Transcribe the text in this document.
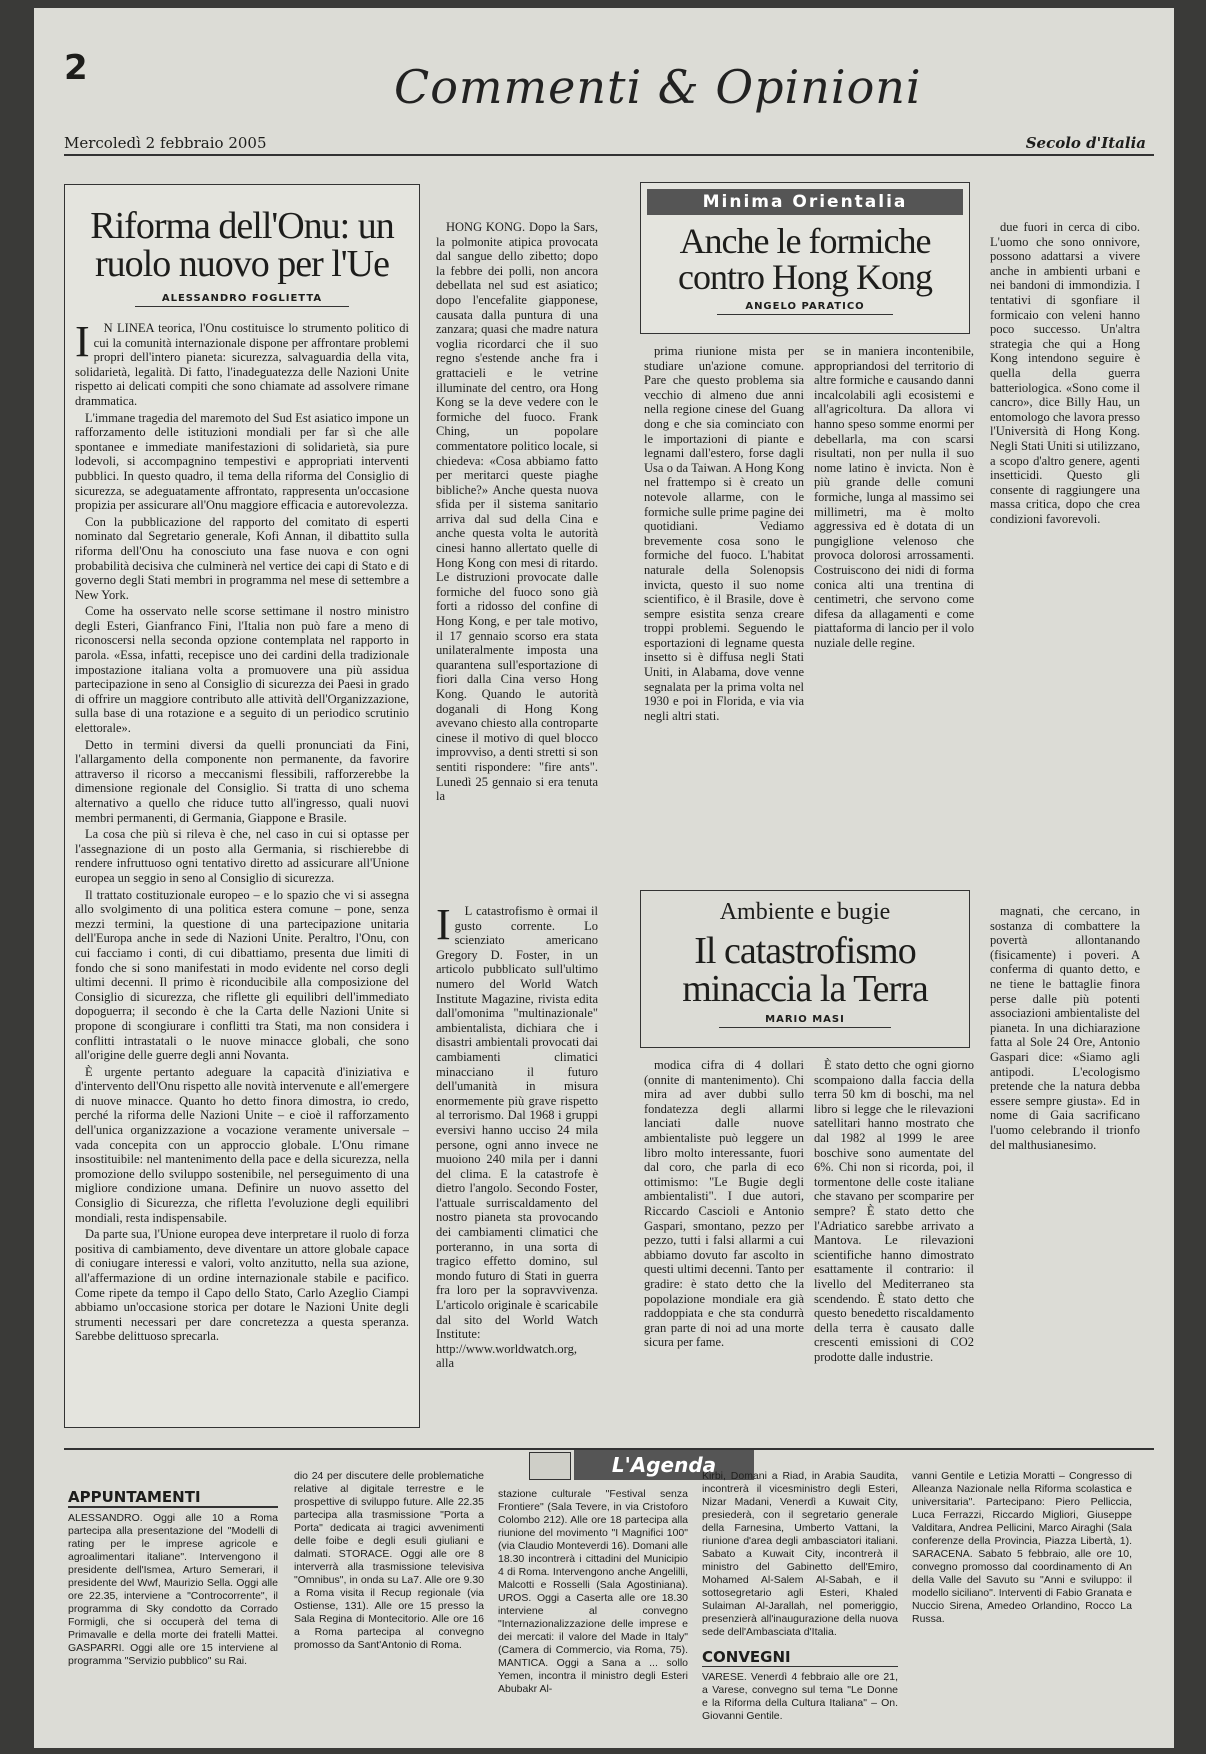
2	Commenti & Opinioni
Mercoledì 2 febbraio 2005	Secolo d'Italia
Riforma dell'Onu: un ruolo nuovo per l'Ue
ALESSANDRO FOGLIETTA
I	N LINEA teorica, l'Onu costituisce lo strumento politico di cui la comunità internazionale dispone per affrontare problemi propri dell'intero pianeta: sicurezza, salvaguardia della vita, solidarietà, legalità. Di fatto, l'inadeguatezza delle Nazioni Unite rispetto ai delicati compiti che sono chiamate ad assolvere rimane drammatica.

L'immane tragedia del maremoto del Sud Est asiatico impone un rafforzamento delle istituzioni mondiali per far sì che alle spontanee e immediate manifestazioni di solidarietà, sia pure lodevoli, si accompagnino tempestivi e appropriati interventi pubblici. In questo quadro, il tema della riforma del Consiglio di sicurezza, se adeguatamente affrontato, rappresenta un'occasione propizia per assicurare all'Onu maggiore efficacia e autorevolezza.

Con la pubblicazione del rapporto del comitato di esperti nominato dal Segretario generale, Kofi Annan, il dibattito sulla riforma dell'Onu ha conosciuto una fase nuova e con ogni probabilità decisiva che culminerà nel vertice dei capi di Stato e di governo degli Stati membri in programma nel mese di settembre a New York.

Come ha osservato nelle scorse settimane il nostro ministro degli Esteri, Gianfranco Fini, l'Italia non può fare a meno di riconoscersi nella seconda opzione contemplata nel rapporto in parola. «Essa, infatti, recepisce uno dei cardini della tradizionale impostazione italiana volta a promuovere una più assidua partecipazione in seno al Consiglio di sicurezza dei Paesi in grado di offrire un maggiore contributo alle attività dell'Organizzazione, sulla base di una rotazione e a seguito di un periodico scrutinio elettorale».

Detto in termini diversi da quelli pronunciati da Fini, l'allargamento della componente non permanente, da favorire attraverso il ricorso a meccanismi flessibili, rafforzerebbe la dimensione regionale del Consiglio. Si tratta di uno schema alternativo a quello che riduce tutto all'ingresso, quali nuovi membri permanenti, di Germania, Giappone e Brasile.

La cosa che più si rileva è che, nel caso in cui si optasse per l'assegnazione di un posto alla Germania, si rischierebbe di rendere infruttuoso ogni tentativo diretto ad assicurare all'Unione europea un seggio in seno al Consiglio di sicurezza.

Il trattato costituzionale europeo – e lo spazio che vi si assegna allo svolgimento di una politica estera comune – pone, senza mezzi termini, la questione di una partecipazione unitaria dell'Europa anche in sede di Nazioni Unite. Peraltro, l'Onu, con cui facciamo i conti, di cui dibattiamo, presenta due limiti di fondo che si sono manifestati in modo evidente nel corso degli ultimi decenni. Il primo è riconducibile alla composizione del Consiglio di sicurezza, che riflette gli equilibri dell'immediato dopoguerra; il secondo è che la Carta delle Nazioni Unite si propone di scongiurare i conflitti tra Stati, ma non considera i conflitti intrastatali o le nuove minacce globali, che sono all'origine delle guerre degli anni Novanta.

È urgente pertanto adeguare la capacità d'iniziativa e d'intervento dell'Onu rispetto alle novità intervenute e all'emergere di nuove minacce. Quanto ho detto finora dimostra, io credo, perché la riforma delle Nazioni Unite – e cioè il rafforzamento dell'unica organizzazione a vocazione veramente universale – vada concepita con un approccio globale. L'Onu rimane insostituibile: nel mantenimento della pace e della sicurezza, nella promozione dello sviluppo sostenibile, nel perseguimento di una migliore condizione umana. Definire un nuovo assetto del Consiglio di Sicurezza, che rifletta l'evoluzione degli equilibri mondiali, resta indispensabile.

Da parte sua, l'Unione europea deve interpretare il ruolo di forza positiva di cambiamento, deve diventare un attore globale capace di coniugare interessi e valori, volto anzitutto, nella sua azione, all'affermazione di un ordine internazionale stabile e pacifico. Come ripete da tempo il Capo dello Stato, Carlo Azeglio Ciampi abbiamo un'occasione storica per dotare le Nazioni Unite degli strumenti necessari per dare concretezza a questa speranza. Sarebbe delittuoso sprecarla.

HONG KONG. Dopo la Sars, la polmonite atipica provocata dal sangue dello zibetto; dopo la febbre dei polli, non ancora debellata nel sud est asiatico; dopo l'encefalite giapponese, causata dalla puntura di una zanzara; quasi che madre natura voglia ricordarci che il suo regno s'estende anche fra i grattacieli e le vetrine illuminate del centro, ora Hong Kong se la deve vedere con le formiche del fuoco. Frank Ching, un popolare commentatore politico locale, si chiedeva: «Cosa abbiamo fatto per meritarci queste piaghe bibliche?» Anche questa nuova sfida per il sistema sanitario arriva dal sud della Cina e anche questa volta le autorità cinesi hanno allertato quelle di Hong Kong con mesi di ritardo. Le distruzioni provocate dalle formiche del fuoco sono già forti a ridosso del confine di Hong Kong, e per tale motivo, il 17 gennaio scorso era stata unilateralmente imposta una quarantena sull'esportazione di fiori dalla Cina verso Hong Kong. Quando le autorità doganali di Hong Kong avevano chiesto alla controparte cinese il motivo di quel blocco improvviso, a denti stretti si son sentiti rispondere: "fire ants". Lunedì 25 gennaio si era tenuta la

Minima Orientalia
Anche le formiche contro Hong Kong
ANGELO PARATICO

prima riunione mista per studiare un'azione comune. Pare che questo problema sia vecchio di almeno due anni nella regione cinese del Guang dong e che sia cominciato con le importazioni di piante e legnami dall'estero, forse dagli Usa o da Taiwan. A Hong Kong nel frattempo si è creato un notevole allarme, con le formiche sulle prime pagine dei quotidiani. Vediamo brevemente cosa sono le formiche del fuoco. L'habitat naturale della Solenopsis invicta, questo il suo nome scientifico, è il Brasile, dove è sempre esistita senza creare troppi problemi. Seguendo le esportazioni di legname questa insetto si è diffusa negli Stati Uniti, in Alabama, dove venne segnalata per la prima volta nel 1930 e poi in Florida, e via via negli altri stati.

se in maniera incontenibile, appropriandosi del territorio di altre formiche e causando danni incalcolabili agli ecosistemi e all'agricoltura. Da allora vi hanno speso somme enormi per debellarla, ma con scarsi risultati, non per nulla il suo nome latino è invicta. Non è più grande delle comuni formiche, lunga al massimo sei millimetri, ma è molto aggressiva ed è dotata di un pungiglione velenoso che provoca dolorosi arrossamenti. Costruiscono dei nidi di forma conica alti una trentina di centimetri, che servono come difesa da allagamenti e come piattaforma di lancio per il volo nuziale delle regine.

due fuori in cerca di cibo. L'uomo che sono onnivore, possono adattarsi a vivere anche in ambienti urbani e nei bandoni di immondizia. I tentativi di sgonfiare il formicaio con veleni hanno poco successo. Un'altra strategia che qui a Hong Kong intendono seguire è quella della guerra batteriologica. «Sono come il cancro», dice Billy Hau, un entomologo che lavora presso l'Università di Hong Kong. Negli Stati Uniti si utilizzano, a scopo d'altro genere, agenti insetticidi. Questo gli consente di raggiungere una massa critica, dopo che crea condizioni favorevoli.

I	L catastrofismo è ormai il gusto corrente. Lo scienziato americano Gregory D. Foster, in un articolo pubblicato sull'ultimo numero del World Watch Institute Magazine, rivista edita dall'omonima "multinazionale" ambientalista, dichiara che i disastri ambientali provocati dai cambiamenti climatici minacciano il futuro dell'umanità in misura enormemente più grave rispetto al terrorismo. Dal 1968 i gruppi eversivi hanno ucciso 24 mila persone, ogni anno invece ne muoiono 240 mila per i danni del clima. E la catastrofe è dietro l'angolo. Secondo Foster, l'attuale surriscaldamento del nostro pianeta sta provocando dei cambiamenti climatici che porteranno, in una sorta di tragico effetto domino, sul mondo futuro di Stati in guerra fra loro per la sopravvivenza. L'articolo originale è scaricabile dal sito del World Watch Institute: http://www.worldwatch.org, alla

Ambiente e bugie
Il catastrofismo minaccia la Terra
MARIO MASI

modica cifra di 4 dollari (onnite di mantenimento). Chi mira ad aver dubbi sullo fondatezza degli allarmi lanciati dalle nuove ambientaliste può leggere un libro molto interessante, fuori dal coro, che parla di eco ottimismo: "Le Bugie degli ambientalisti". I due autori, Riccardo Cascioli e Antonio Gaspari, smontano, pezzo per pezzo, tutti i falsi allarmi a cui abbiamo dovuto far ascolto in questi ultimi decenni. Tanto per gradire: è stato detto che la popolazione mondiale era già raddoppiata e che sta condurrà gran parte di noi ad una morte sicura per fame.

È stato detto che ogni giorno scompaiono dalla faccia della terra 50 km di boschi, ma nel libro si legge che le rilevazioni satellitari hanno mostrato che dal 1982 al 1999 le aree boschive sono aumentate del 6%. Chi non si ricorda, poi, il tormentone delle coste italiane che stavano per scomparire per sempre? È stato detto che l'Adriatico sarebbe arrivato a Mantova. Le rilevazioni scientifiche hanno dimostrato esattamente il contrario: il livello del Mediterraneo sta scendendo. È stato detto che questo benedetto riscaldamento della terra è causato dalle crescenti emissioni di CO2 prodotte dalle industrie.

magnati, che cercano, in sostanza di combattere la povertà allontanando (fisicamente) i poveri. A conferma di quanto detto, e ne tiene le battaglie finora perse dalle più potenti associazioni ambientaliste del pianeta. In una dichiarazione fatta al Sole 24 Ore, Antonio Gaspari dice: «Siamo agli antipodi. L'ecologismo pretende che la natura debba essere sempre giusta». Ed in nome di Gaia sacrificano l'uomo celebrando il trionfo del malthusianesimo.

L'Agenda
APPUNTAMENTI
ALESSANDRO. Oggi alle 10 a Roma partecipa alla presentazione del "Modelli di rating per le imprese agricole e agroalimentari italiane". Intervengono il presidente dell'Ismea, Arturo Semerari, il presidente del Wwf, Maurizio Sella. Oggi alle ore 22.35, interviene a "Controcorrente", il programma di Sky condotto da Corrado Formigli, che si occuperà del tema di Primavalle e della morte dei fratelli Mattei. GASPARRI. Oggi alle ore 15 interviene al programma "Servizio pubblico" su Rai.
dio 24 per discutere delle problematiche relative al digitale terrestre e le prospettive di sviluppo future. Alle 22.35 partecipa alla trasmissione "Porta a Porta" dedicata ai tragici avvenimenti delle foibe e degli esuli giuliani e dalmati. STORACE. Oggi alle ore 8 interverrà alla trasmissione televisiva "Omnibus", in onda su La7. Alle ore 9.30 a Roma visita il Recup regionale (via Ostiense, 131). Alle ore 15 presso la Sala Regina di Montecitorio. Alle ore 16 a Roma partecipa al convegno promosso da Sant'Antonio di Roma.
stazione culturale "Festival senza Frontiere" (Sala Tevere, in via Cristoforo Colombo 212). Alle ore 18 partecipa alla riunione del movimento "I Magnifici 100" (via Claudio Monteverdi 16). Domani alle 18.30 incontrerà i cittadini del Municipio 4 di Roma. Intervengono anche Angelilli, Malcotti e Rosselli (Sala Agostiniana). UROS. Oggi a Caserta alle ore 18.30 interviene al convegno "Internazionalizzazione delle imprese e dei mercati: il valore del Made in Italy" (Camera di Commercio, via Roma, 75). MANTICA. Oggi a Sana a ... sollo Yemen, incontra il ministro degli Esteri Abubakr Al-
Kirbi, Domani a Riad, in Arabia Saudita, incontrerà il vicesministro degli Esteri, Nizar Madani, Venerdì a Kuwait City, presiederà, con il segretario generale della Farnesina, Umberto Vattani, la riunione d'area degli ambasciatori italiani. Sabato a Kuwait City, incontrerà il ministro del Gabinetto dell'Emiro, Mohamed Al-Salem Al-Sabah, e il sottosegretario agli Esteri, Khaled Sulaiman Al-Jarallah, nel pomeriggio, presenzierà all'inaugurazione della nuova sede dell'Ambasciata d'Italia.
CONVEGNI
VARESE. Venerdì 4 febbraio alle ore 21, a Varese, convegno sul tema "Le Donne e la Riforma della Cultura Italiana" – On. Giovanni Gentile.
vanni Gentile e Letizia Moratti – Congresso di Alleanza Nazionale nella Riforma scolastica e universitaria". Partecipano: Piero Pelliccia, Luca Ferrazzi, Riccardo Migliori, Giuseppe Valditara, Andrea Pellicini, Marco Airaghi (Sala conferenze della Provincia, Piazza Libertà, 1). SARACENA. Sabato 5 febbraio, alle ore 10, convegno promosso dal coordinamento di An della Valle del Savuto su "Anni e sviluppo: il modello siciliano". Interventi di Fabio Granata e Nuccio Sirena, Amedeo Orlandino, Rocco La Russa.
